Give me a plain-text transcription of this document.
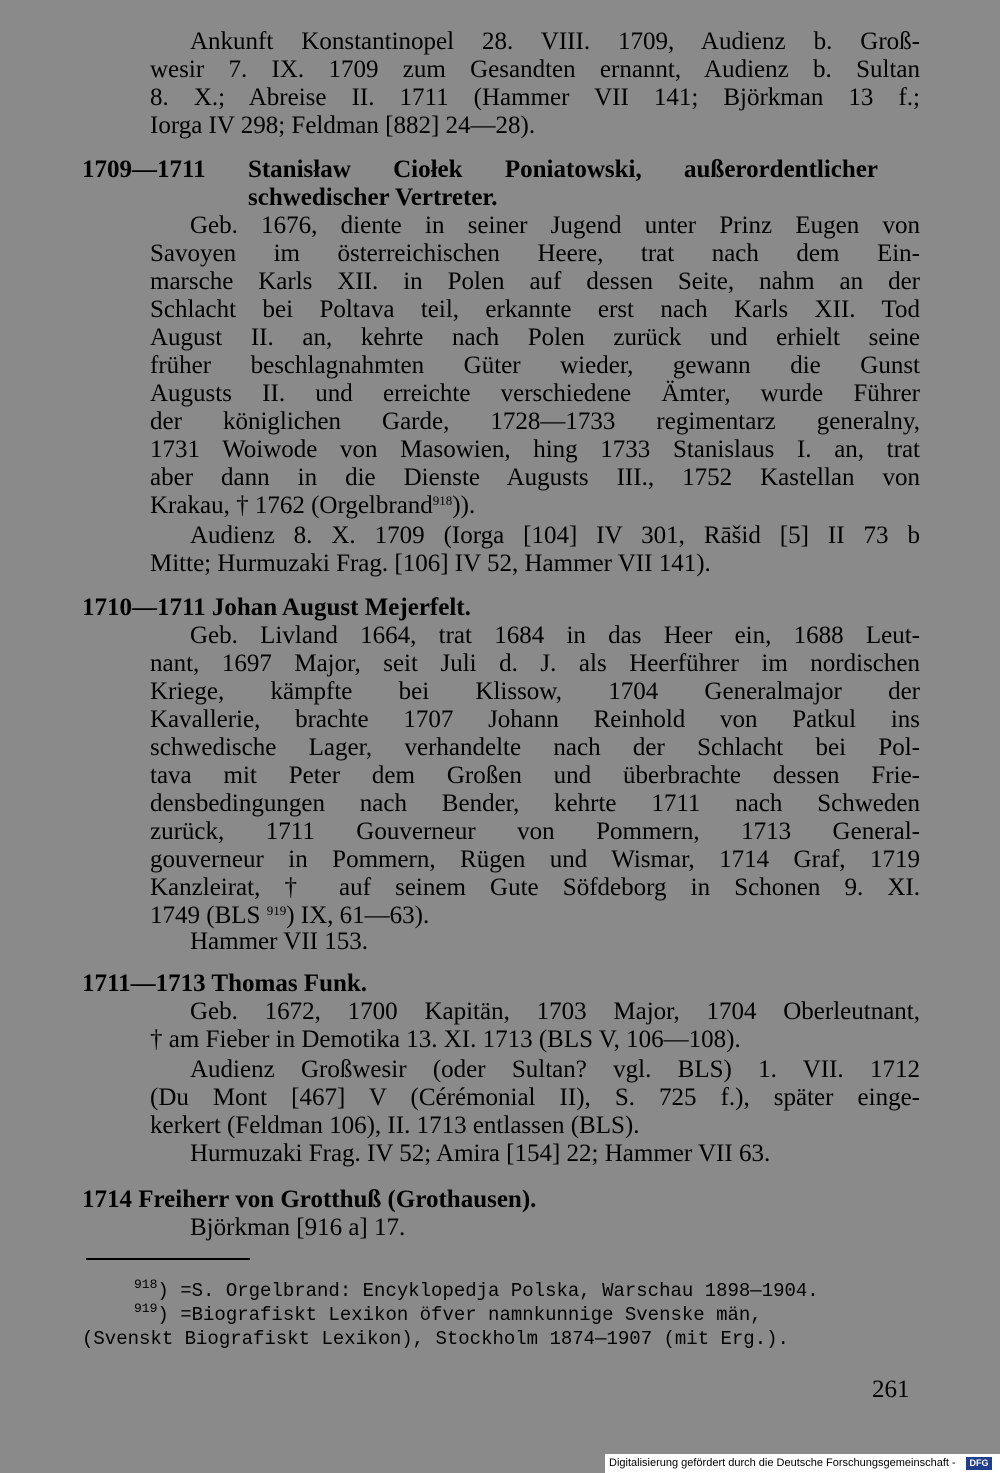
Ankunft Konstantinopel 28. VIII. 1709, Audienz b. Groß-
wesir 7. IX. 1709 zum Gesandten ernannt, Audienz b. Sultan
8. X.; Abreise II. 1711 (Hammer VII 141; Björkman 13 f.;
Iorga IV 298; Feldman [882] 24—28).
1709—1711 Stanisław Ciołek Poniatowski, außerordentlicher
schwedischer Vertreter.
Geb. 1676, diente in seiner Jugend unter Prinz Eugen von
Savoyen im österreichischen Heere, trat nach dem Ein-
marsche Karls XII. in Polen auf dessen Seite, nahm an der
Schlacht bei Poltava teil, erkannte erst nach Karls XII. Tod
August II. an, kehrte nach Polen zurück und erhielt seine
früher beschlagnahmten Güter wieder, gewann die Gunst
Augusts II. und erreichte verschiedene Ämter, wurde Führer
der königlichen Garde, 1728—1733 regimentarz generalny,
1731 Woiwode von Masowien, hing 1733 Stanislaus I. an, trat
aber dann in die Dienste Augusts III., 1752 Kastellan von
Krakau, † 1762 (Orgelbrand$^{918}$)).
Audienz 8. X. 1709 (Iorga [104] IV 301, Rāšid [5] II 73 b
Mitte; Hurmuzaki Frag. [106] IV 52, Hammer VII 141).
1710—1711 Johan August Mejerfelt.
Geb. Livland 1664, trat 1684 in das Heer ein, 1688 Leut-
nant, 1697 Major, seit Juli d. J. als Heerführer im nordischen
Kriege, kämpfte bei Klissow, 1704 Generalmajor der
Kavallerie, brachte 1707 Johann Reinhold von Patkul ins
schwedische Lager, verhandelte nach der Schlacht bei Pol-
tava mit Peter dem Großen und überbrachte dessen Frie-
densbedingungen nach Bender, kehrte 1711 nach Schweden
zurück, 1711 Gouverneur von Pommern, 1713 General-
gouverneur in Pommern, Rügen und Wismar, 1714 Graf, 1719
Kanzleirat, † auf seinem Gute Söfdeborg in Schonen 9. XI.
1749 (BLS $^{919}$) IX, 61—63).
Hammer VII 153.
1711—1713 Thomas Funk.
Geb. 1672, 1700 Kapitän, 1703 Major, 1704 Oberleutnant,
† am Fieber in Demotika 13. XI. 1713 (BLS V, 106—108).
Audienz Großwesir (oder Sultan? vgl. BLS) 1. VII. 1712
(Du Mont [467] V (Cérémonial II), S. 725 f.), später einge-
kerkert (Feldman 106), II. 1713 entlassen (BLS).
Hurmuzaki Frag. IV 52; Amira [154] 22; Hammer VII 63.
1714 Freiherr von Grotthuß (Grothausen).
Björkman [916 a] 17.
$^{918}$) =S. Orgelbrand: Encyklopedja Polska, Warschau 1898—1904.
$^{919}$) =Biografiskt Lexikon öfver namnkunnige Svenske män,
(Svenskt Biografiskt Lexikon), Stockholm 1874—1907 (mit Erg.).
261
Digitalisierung gefördert durch die Deutsche Forschungsgemeinschaft -	DFG
